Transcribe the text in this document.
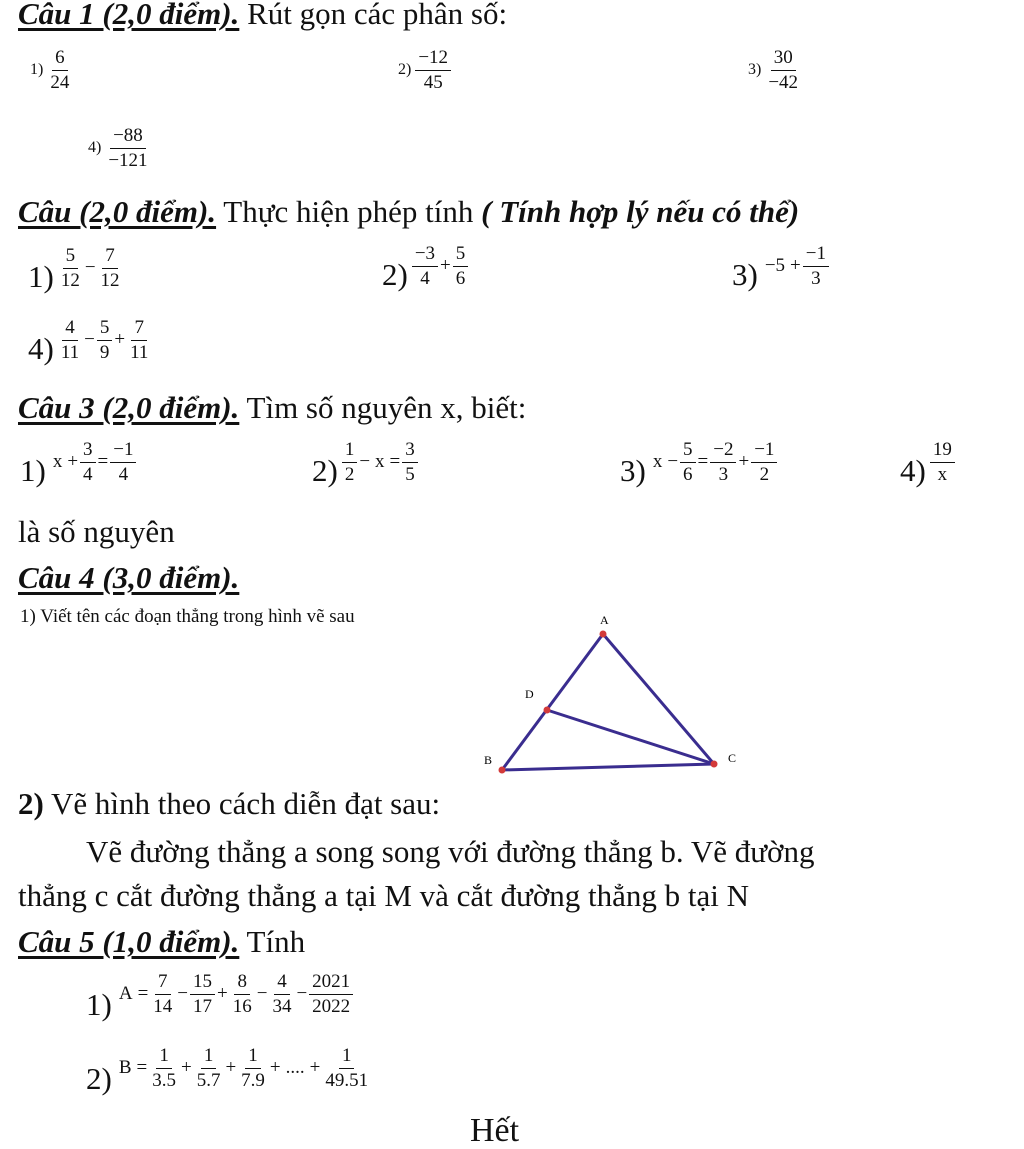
Câu 1 (2,0 điểm). Rút gọn các phân số:
$1) \frac{6}{24}$	$2) \frac{-12}{45}$	$3) \frac{30}{-42}$
$4) \frac{-88}{-121}$
Câu (2,0 điểm). Thực hiện phép tính ( Tính hợp lý nếu có thể)
$1) \frac{5}{12} - \frac{7}{12}$	$2) \frac{-3}{4} + \frac{5}{6}$	$3) -5 + \frac{-1}{3}$
$4) \frac{4}{11} - \frac{5}{9} + \frac{7}{11}$
Câu 3 (2,0 điểm). Tìm số nguyên x, biết:
1) $x + \frac{3}{4} = \frac{-1}{4}$	$2) \frac{1}{2} - x = \frac{3}{5}$	3) $x - \frac{5}{6} = \frac{-2}{3} + \frac{-1}{2}$	$4) \frac{19}{x}$
là số nguyên
Câu 4 (3,0 điểm).
1) Viết tên các đoạn thẳng trong hình vẽ sau	A
D
B	C
2) Vẽ hình theo cách diễn đạt sau:
Vẽ đường thẳng a song song với đường thẳng b. Vẽ đường
thẳng c cắt đường thẳng a tại M và cắt đường thẳng b tại N
Câu 5 (1,0 điểm). Tính
1) $A = \frac{7}{14} - \frac{15}{17} + \frac{8}{16} - \frac{4}{34} - \frac{2021}{2022}$
2) $B = \frac{1}{3.5} + \frac{1}{5.7} + \frac{1}{7.9}$ + .... + $\frac{1}{49.51}$
Hết
